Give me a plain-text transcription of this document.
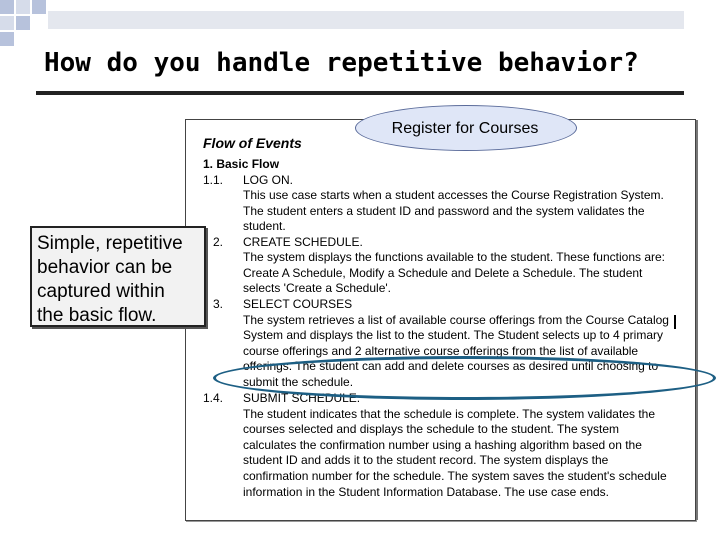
How do you handle repetitive behavior?
Flow of Events
1. Basic Flow
1.1. LOG ON.
This use case starts when a student accesses the Course Registration System.
The student enters a student ID and password and the system validates the
student.
2. CREATE SCHEDULE.
The system displays the functions available to the student. These functions are:
Create A Schedule, Modify a Schedule and Delete a Schedule. The student
selects 'Create a Schedule'.
3. SELECT COURSES
The system retrieves a list of available course offerings from the Course Catalog
System and displays the list to the student. The Student selects up to 4 primary
course offerings and 2 alternative course offerings from the list of available
offerings. The student can add and delete courses as desired until choosing to
submit the schedule.
1.4. SUBMIT SCHEDULE.
The student indicates that the schedule is complete. The system validates the
courses selected and displays the schedule to the student. The system
calculates the confirmation number using a hashing algorithm based on the
student ID and adds it to the student record. The system displays the
confirmation number for the schedule. The system saves the student's schedule
information in the Student Information Database. The use case ends.
Register for Courses
Simple, repetitive
behavior can be
captured within
the basic flow.
